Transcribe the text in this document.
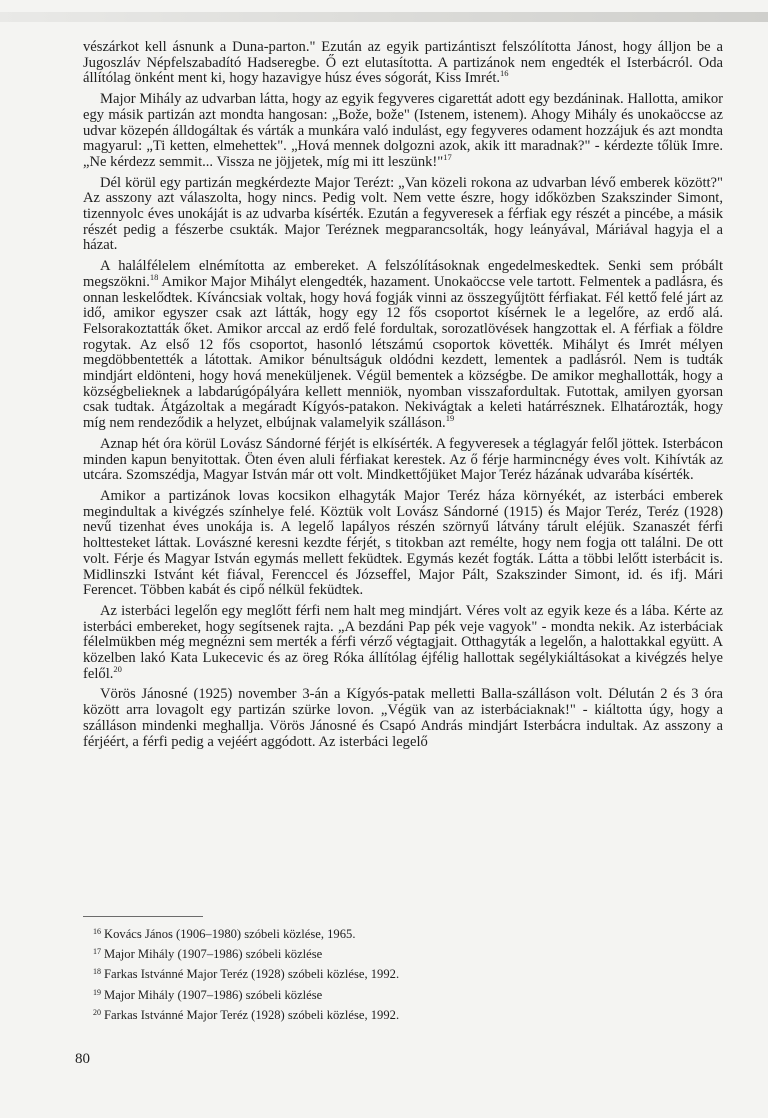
vészárkot kell ásnunk a Duna-parton." Ezután az egyik partizántiszt felszólította Jánost, hogy álljon be a Jugoszláv Népfelszabadító Hadseregbe. Ő ezt elutasította. A partizánok nem engedték el Isterbácról. Oda állítólag önként ment ki, hogy hazavigye húsz éves sógorát, Kiss Imrét.$^{16}$

Major Mihály az udvarban látta, hogy az egyik fegyveres cigarettát adott egy bezdáninak. Hallotta, amikor egy másik partizán azt mondta hangosan: „Bože, bože" (Istenem, istenem). Ahogy Mihály és unokaöccse az udvar közepén álldogáltak és várták a munkára való indulást, egy fegyveres odament hozzájuk és azt mondta magyarul: „Ti ketten, elmehettek". „Hová mennek dolgozni azok, akik itt maradnak?" - kérdezte tőlük Imre. „Ne kérdezz semmit... Vissza ne jöjjetek, míg mi itt leszünk!"$^{17}$

Dél körül egy partizán megkérdezte Major Terézt: „Van közeli rokona az udvarban lévő emberek között?" Az asszony azt válaszolta, hogy nincs. Pedig volt. Nem vette észre, hogy időközben Szakszinder Simont, tizennyolc éves unokáját is az udvarba kísérték. Ezután a fegyveresek a férfiak egy részét a pincébe, a másik részét pedig a fészerbe csukták. Major Teréznek megparancsolták, hogy leányával, Máriával hagyja el a házat.

A halálfélelem elnémította az embereket. A felszólításoknak engedelmeskedtek. Senki sem próbált megszökni.$^{18}$ Amikor Major Mihályt elengedték, hazament. Unokaöccse vele tartott. Felmentek a padlásra, és onnan leskelődtek. Kíváncsiak voltak, hogy hová fogják vinni az összegyűjtött férfiakat. Fél kettő felé járt az idő, amikor egyszer csak azt látták, hogy egy 12 fős csoportot kísérnek le a legelőre, az erdő alá. Felsorakoztatták őket. Amikor arccal az erdő felé fordultak, sorozatlövések hangzottak el. A férfiak a földre rogytak. Az első 12 fős csoportot, hasonló létszámú csoportok követték. Mihályt és Imrét mélyen megdöbbentették a látottak. Amikor bénultságuk oldódni kezdett, lementek a padlásról. Nem is tudták mindjárt eldönteni, hogy hová meneküljenek. Végül bementek a községbe. De amikor meghallották, hogy a községbelieknek a labdarúgópályára kellett menniök, nyomban visszafordultak. Futottak, amilyen gyorsan csak tudtak. Átgázoltak a megáradt Kígyós-patakon. Nekivágtak a keleti határrésznek. Elhatározták, hogy míg nem rendeződik a helyzet, elbújnak valamelyik szálláson.$^{19}$

Aznap hét óra körül Lovász Sándorné férjét is elkísérték. A fegyveresek a téglagyár felől jöttek. Isterbácon minden kapun benyitottak. Öten éven aluli férfiakat kerestek. Az ő férje harmincnégy éves volt. Kihívták az utcára. Szomszédja, Magyar István már ott volt. Mindkettőjüket Major Teréz házának udvarába kísérték.

Amikor a partizánok lovas kocsikon elhagyták Major Teréz háza környékét, az isterbáci emberek megindultak a kivégzés színhelye felé. Köztük volt Lovász Sándorné (1915) és Major Teréz, Teréz (1928) nevű tizenhat éves unokája is. A legelő lapályos részén szörnyű látvány tárult eléjük. Szanaszét férfi holttesteket láttak. Lovászné keresni kezdte férjét, s titokban azt remélte, hogy nem fogja ott találni. De ott volt. Férje és Magyar István egymás mellett feküdtek. Egymás kezét fogták. Látta a többi lelőtt isterbácit is. Midlinszki Istvánt két fiával, Ferenccel és Józseffel, Major Pált, Szakszinder Simont, id. és ifj. Mári Ferencet. Többen kabát és cipő nélkül feküdtek.

Az isterbáci legelőn egy meglőtt férfi nem halt meg mindjárt. Véres volt az egyik keze és a lába. Kérte az isterbáci embereket, hogy segítsenek rajta. „A bezdáni Pap pék veje vagyok" - mondta nekik. Az isterbáciak félelmükben még megnézni sem merték a férfi vérző végtagjait. Otthagyták a legelőn, a halottakkal együtt. A közelben lakó Kata Lukecevic és az öreg Róka állítólag éjfélig hallottak segélykiáltásokat a kivégzés helye felől.$^{20}$

Vörös Jánosné (1925) november 3-án a Kígyós-patak melletti Balla-szálláson volt. Délután 2 és 3 óra között arra lovagolt egy partizán szürke lovon. „Végük van az isterbáciaknak!" - kiáltotta úgy, hogy a szálláson mindenki meghallja. Vörös Jánosné és Csapó András mindjárt Isterbácra indultak. Az asszony a férjéért, a férfi pedig a vejéért aggódott. Az isterbáci legelő

$^{16}$ Kovács János (1906–1980) szóbeli közlése, 1965.
$^{17}$ Major Mihály (1907–1986) szóbeli közlése
$^{18}$ Farkas Istvánné Major Teréz (1928) szóbeli közlése, 1992.
$^{19}$ Major Mihály (1907–1986) szóbeli közlése
$^{20}$ Farkas Istvánné Major Teréz (1928) szóbeli közlése, 1992.
80
